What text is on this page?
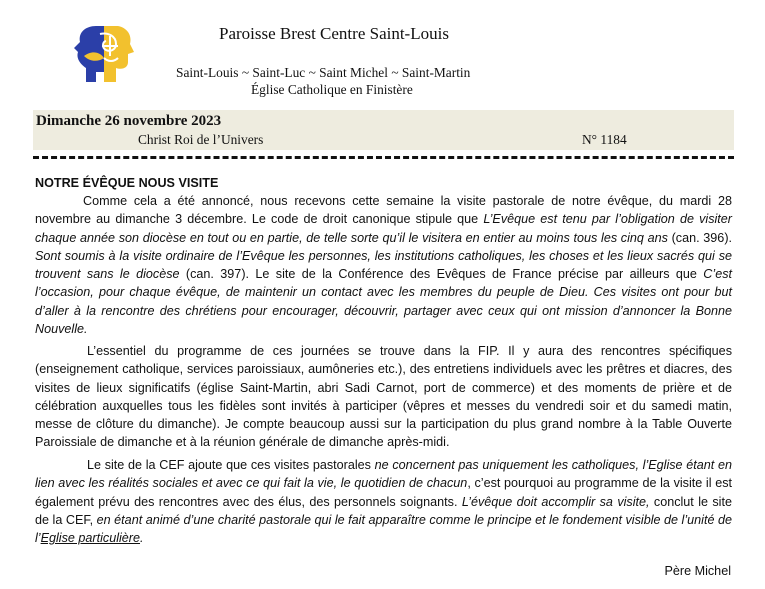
Paroisse Brest Centre Saint-Louis
Saint-Louis ~ Saint-Luc ~ Saint Michel ~ Saint-Martin
Église Catholique en Finistère
Dimanche 26 novembre 2023
Christ Roi de l’Univers	N° 1184
NOTRE ÉVÊQUE NOUS VISITE
Comme cela a été annoncé, nous recevons cette semaine la visite pastorale de notre évêque, du mardi 28 novembre au dimanche 3 décembre. Le code de droit canonique stipule que L’Evêque est tenu par l’obligation de visiter chaque année son diocèse en tout ou en partie, de telle sorte qu’il le visitera en entier au moins tous les cinq ans (can. 396). Sont soumis à la visite ordinaire de l’Evêque les personnes, les institutions catholiques, les choses et les lieux sacrés qui se trouvent sans le diocèse (can. 397). Le site de la Conférence des Evêques de France précise par ailleurs que C’est l’occasion, pour chaque évêque, de maintenir un contact avec les membres du peuple de Dieu. Ces visites ont pour but d’aller à la rencontre des chrétiens pour encourager, découvrir, partager avec ceux qui ont mission d’annoncer la Bonne Nouvelle.
L’essentiel du programme de ces journées se trouve dans la FIP. Il y aura des rencontres spécifiques (enseignement catholique, services paroissiaux, aumôneries etc.), des entretiens individuels avec les prêtres et diacres, des visites de lieux significatifs (église Saint-Martin, abri Sadi Carnot, port de commerce) et des moments de prière et de célébration auxquelles tous les fidèles sont invités à participer (vêpres et messes du vendredi soir et du samedi matin, messe de clôture du dimanche). Je compte beaucoup aussi sur la participation du plus grand nombre à la Table Ouverte Paroissiale de dimanche et à la réunion générale de dimanche après-midi.
Le site de la CEF ajoute que ces visites pastorales ne concernent pas uniquement les catholiques, l’Eglise étant en lien avec les réalités sociales et avec ce qui fait la vie, le quotidien de chacun, c’est pourquoi au programme de la visite il est également prévu des rencontres avec des élus, des personnels soignants. L’évêque doit accomplir sa visite, conclut le site de la CEF, en étant animé d’une charité pastorale qui le fait apparaître comme le principe et le fondement visible de l’unité de l’Eglise particulière.
Père Michel
